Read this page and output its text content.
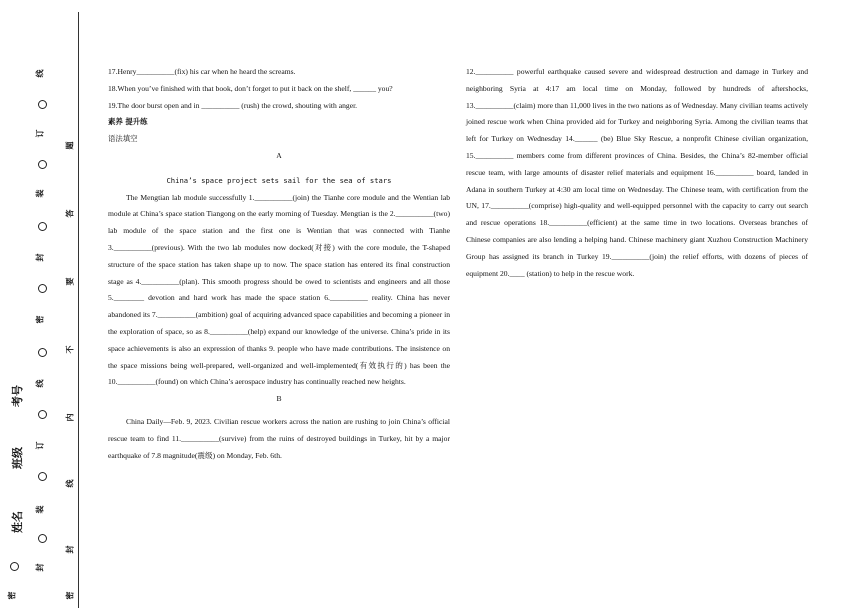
线
订
装
封
密
线
订
装
封
密
题
答
要
不
内
线
封
密
考号
班级
姓名

17.Henry__________(fix) his car when he heard the screams.

18.When you’ve finished with that book, don’t forget to put it back on the shelf, ______ you?

19.The door burst open and in __________ (rush) the crowd, shouting with anger.

素养 提升练

语法填空

A

China’s space project sets sail for the sea of stars

The Mengtian lab module successfully 1.__________(join) the Tianhe core module and the Wentian lab module at China’s space station Tiangong on the early morning of Tuesday. Mengtian is the 2.__________(two) lab module of the space station and the first one is Wentian that was connected with Tianhe 3.__________(previous). With the two lab modules now docked(对接) with the core module, the T-shaped structure of the space station has taken shape up to now. The space station has entered its final construction stage as 4.__________(plan). This smooth progress should be owed to scientists and engineers and all those 5.________ devotion and hard work has made the space station 6.__________ reality. China has never abandoned its 7.__________(ambition) goal of acquiring advanced space capabilities and becoming a pioneer in the exploration of space, so as 8.__________(help) expand our knowledge of the universe. China’s pride in its space achievements is also an expression of thanks 9. people who have made contributions. The insistence on the space missions being well-prepared, well-organized and well-implemented(有效执行的) has been the 10.__________(found) on which China’s aerospace industry has continually reached new heights.

B

China Daily—Feb. 9, 2023. Civilian rescue workers across the nation are rushing to join China’s official rescue team to find 11.__________(survive) from the ruins of destroyed buildings in Turkey, hit by a major earthquake of 7.8 magnitude(震级) on Monday, Feb. 6th.

12.__________ powerful earthquake caused severe and widespread destruction and damage in Turkey and neighboring Syria at 4:17 am local time on Monday, followed by hundreds of aftershocks, 13.__________(claim) more than 11,000 lives in the two nations as of Wednesday. Many civilian teams actively joined rescue work when China provided aid for Turkey and neighboring Syria. Among the civilian teams that left for Turkey on Wednesday 14.______ (be) Blue Sky Rescue, a nonprofit Chinese civilian organization, 15.__________ members come from different provinces of China. Besides, the China’s 82-member official rescue team, with large amounts of disaster relief materials and equipment 16.__________ board, landed in Adana in southern Turkey at 4:30 am local time on Wednesday. The Chinese team, with certification from the UN, 17.__________(comprise) high-quality and well-equipped personnel with the capacity to carry out search and rescue operations 18.__________(efficient) at the same time in two locations. Overseas branches of Chinese companies are also lending a helping hand. Chinese machinery giant Xuzhou Construction Machinery Group has assigned its branch in Turkey 19.__________(join) the relief efforts, with dozens of pieces of equipment 20.____ (station) to help in the rescue work.
